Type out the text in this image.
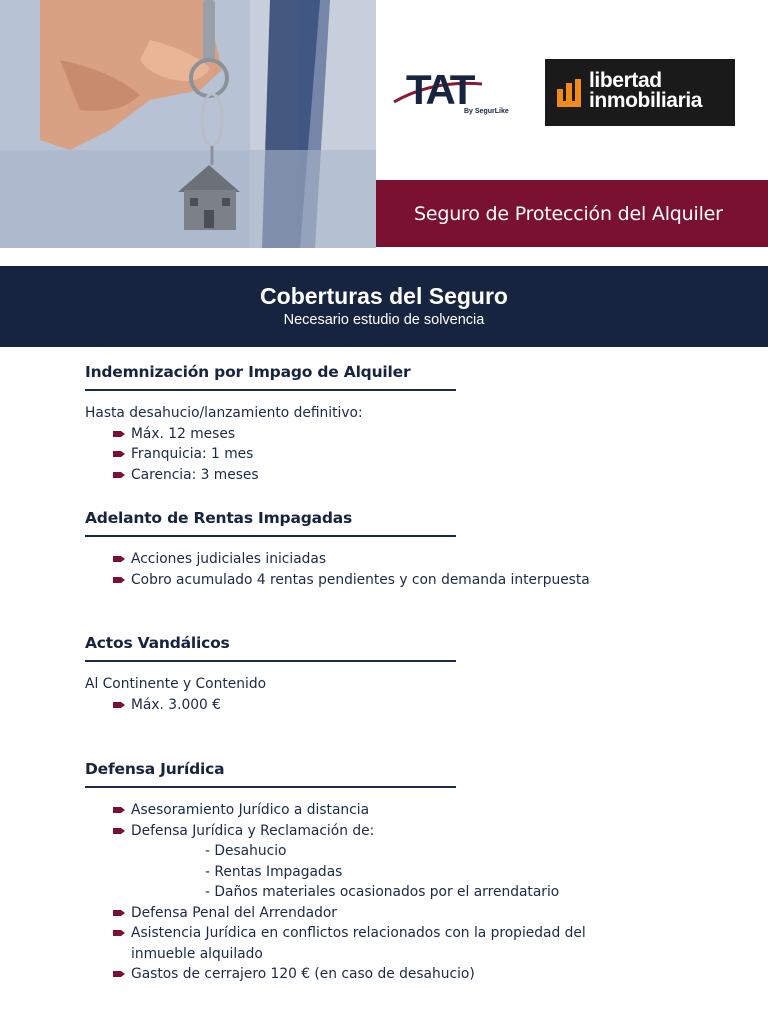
TAT
By SegurLike
libertad
inmobiliaria
Seguro de Protección del Alquiler
Coberturas del Seguro
Necesario estudio de solvencia
Indemnización por Impago de Alquiler
Hasta desahucio/lanzamiento definitivo:
Máx. 12 meses
Franquicia: 1 mes
Carencia: 3 meses
Adelanto de Rentas Impagadas
Acciones judiciales iniciadas
Cobro acumulado 4 rentas pendientes y con demanda interpuesta
Actos Vandálicos
Al Continente y Contenido
Máx. 3.000 €
Defensa Jurídica
Asesoramiento Jurídico a distancia
Defensa Jurídica y Reclamación de:
- Desahucio
- Rentas Impagadas
- Daños materiales ocasionados por el arrendatario
Defensa Penal del Arrendador
Asistencia Jurídica en conflictos relacionados con la propiedad del
inmueble alquilado
Gastos de cerrajero 120 € (en caso de desahucio)
